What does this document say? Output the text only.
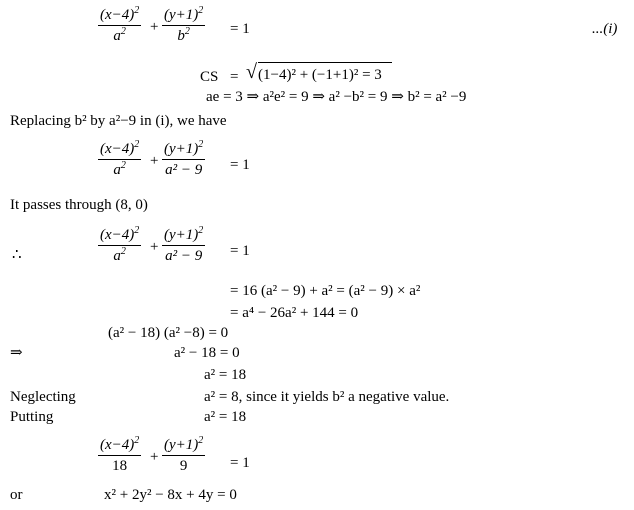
$\frac{(x-4)^2}{a^2} + \frac{(y+1)^2}{b^2} = 1$	...(i)
CS = √ (1−4)² + (−1+1)² = 3
ae = 3 ⇒ a²e² = 9 ⇒ a² −b² = 9 ⇒ b² = a² −9
Replacing b² by a²−9 in (i), we have
$\frac{(x-4)^2}{a^2} + \frac{(y+1)^2}{\text{a² − 9}} = 1$
It passes through (8, 0)
∴	$\frac{(x-4)^2}{a^2} + \frac{(y+1)^2}{\text{a² − 9}} = 1$
= 16 (a² − 9) + a² = (a² − 9) × a²
= a⁴ − 26a² + 144 = 0
(a² − 18) (a² −8) = 0
⇒	a² − 18 = 0
a² = 18
Neglecting	a² = 8, since it yields b² a negative value.
Putting	a² = 18
$\frac{(x-4)^2}{18} + \frac{(y+1)^2}{9} = 1$
or	x² + 2y² − 8x + 4y = 0
